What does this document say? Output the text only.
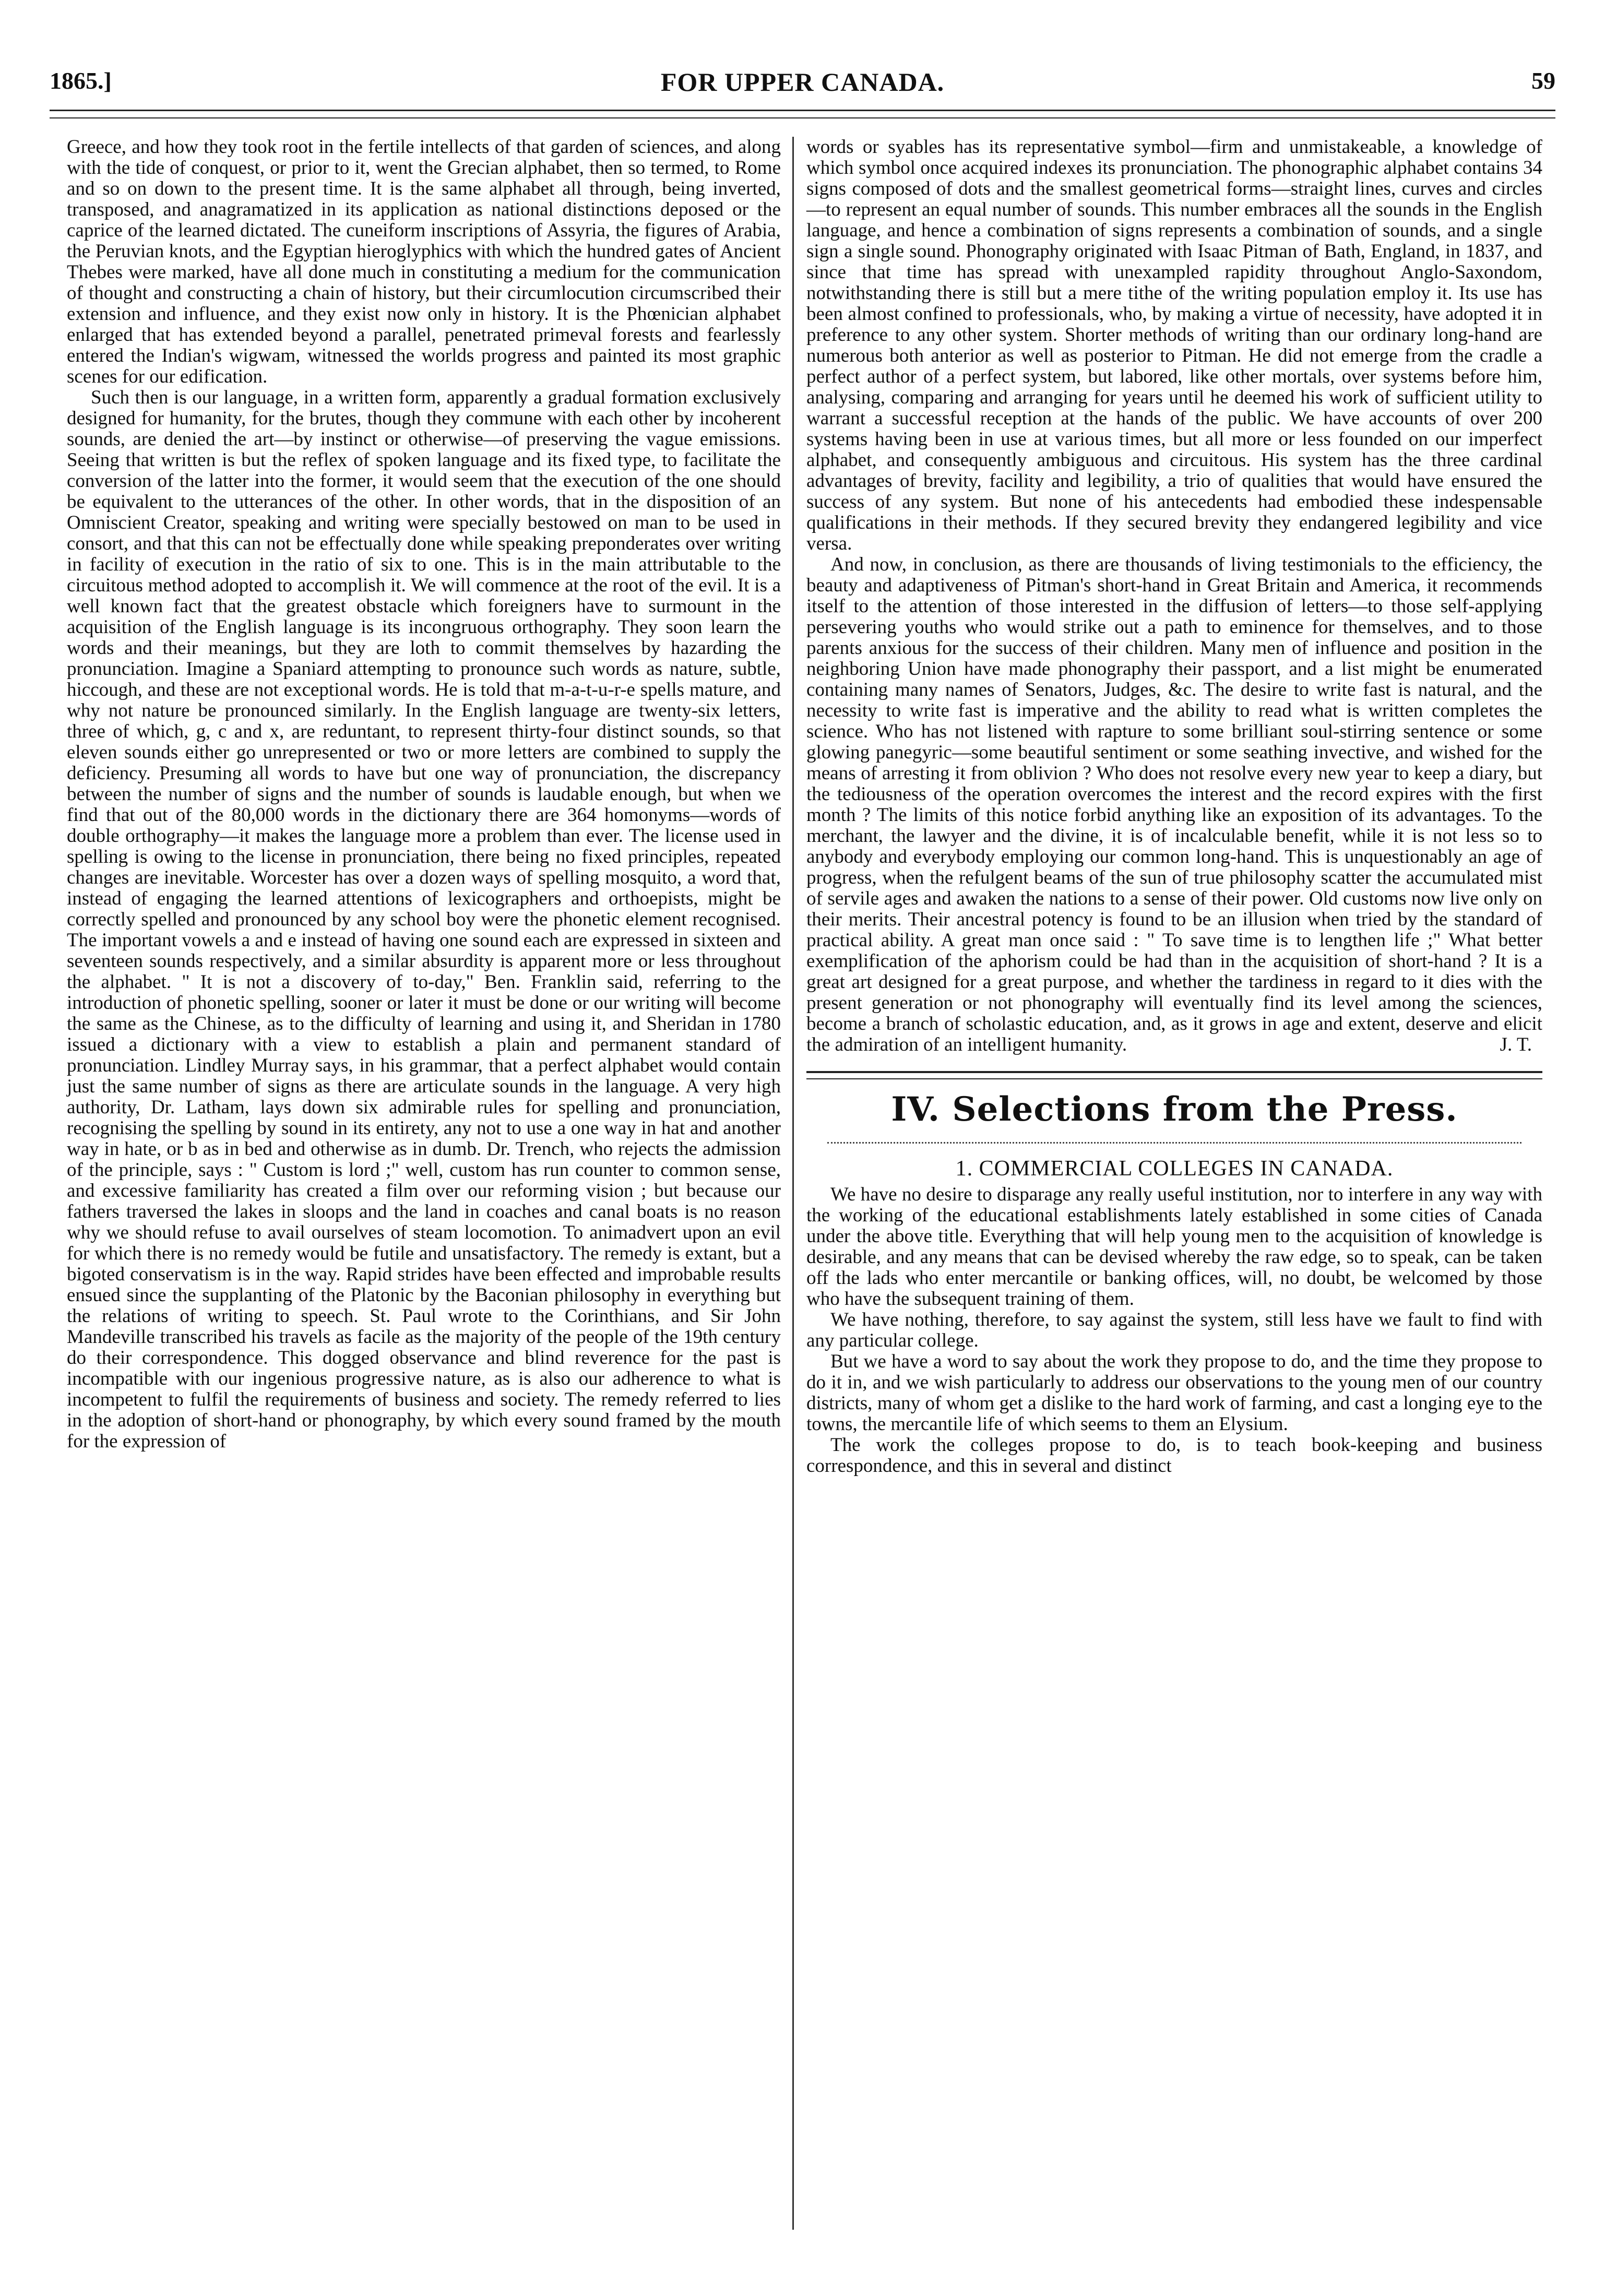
1865.]	FOR UPPER CANADA.	59

Greece, and how they took root in the fertile intellects of that garden of sciences, and along with the tide of conquest, or prior to it, went the Grecian alphabet, then so termed, to Rome and so on down to the present time. It is the same alphabet all through, being inverted, transposed, and anagramatized in its application as national distinctions deposed or the caprice of the learned dictated. The cuneiform inscriptions of Assyria, the figures of Arabia, the Peruvian knots, and the Egyptian hieroglyphics with which the hundred gates of Ancient Thebes were marked, have all done much in constituting a medium for the communication of thought and constructing a chain of history, but their circumlocution circumscribed their extension and influence, and they exist now only in history. It is the Phœnician alphabet enlarged that has extended beyond a parallel, penetrated primeval forests and fearlessly entered the Indian's wigwam, witnessed the worlds progress and painted its most graphic scenes for our edification.

Such then is our language, in a written form, apparently a gradual formation exclusively designed for humanity, for the brutes, though they commune with each other by incoherent sounds, are denied the art—by instinct or otherwise—of preserving the vague emissions. Seeing that written is but the reflex of spoken language and its fixed type, to facilitate the conversion of the latter into the former, it would seem that the execution of the one should be equivalent to the utterances of the other. In other words, that in the disposition of an Omniscient Creator, speaking and writing were specially bestowed on man to be used in consort, and that this can not be effectually done while speaking preponderates over writing in facility of execution in the ratio of six to one. This is in the main attributable to the circuitous method adopted to accomplish it. We will commence at the root of the evil. It is a well known fact that the greatest obstacle which foreigners have to surmount in the acquisition of the English language is its incongruous orthography. They soon learn the words and their meanings, but they are loth to commit themselves by hazarding the pronunciation. Imagine a Spaniard attempting to pronounce such words as nature, subtle, hiccough, and these are not exceptional words. He is told that m-a-t-u-r-e spells mature, and why not nature be pronounced similarly. In the English language are twenty-six letters, three of which, g, c and x, are reduntant, to represent thirty-four distinct sounds, so that eleven sounds either go unrepresented or two or more letters are combined to supply the deficiency. Presuming all words to have but one way of pronunciation, the discrepancy between the number of signs and the number of sounds is laudable enough, but when we find that out of the 80,000 words in the dictionary there are 364 homonyms—words of double orthography—it makes the language more a problem than ever. The license used in spelling is owing to the license in pronunciation, there being no fixed principles, repeated changes are inevitable. Worcester has over a dozen ways of spelling mosquito, a word that, instead of engaging the learned attentions of lexicographers and orthoepists, might be correctly spelled and pronounced by any school boy were the phonetic element recognised. The important vowels a and e instead of having one sound each are expressed in sixteen and seventeen sounds respectively, and a similar absurdity is apparent more or less throughout the alphabet. " It is not a discovery of to-day," Ben. Franklin said, referring to the introduction of phonetic spelling, sooner or later it must be done or our writing will become the same as the Chinese, as to the difficulty of learning and using it, and Sheridan in 1780 issued a dictionary with a view to establish a plain and permanent standard of pronunciation. Lindley Murray says, in his grammar, that a perfect alphabet would contain just the same number of signs as there are articulate sounds in the language. A very high authority, Dr. Latham, lays down six admirable rules for spelling and pronunciation, recognising the spelling by sound in its entirety, any not to use a one way in hat and another way in hate, or b as in bed and otherwise as in dumb. Dr. Trench, who rejects the admission of the principle, says : " Custom is lord ;" well, custom has run counter to common sense, and excessive familiarity has created a film over our reforming vision ; but because our fathers traversed the lakes in sloops and the land in coaches and canal boats is no reason why we should refuse to avail ourselves of steam locomotion. To animadvert upon an evil for which there is no remedy would be futile and unsatisfactory. The remedy is extant, but a bigoted conservatism is in the way. Rapid strides have been effected and improbable results ensued since the supplanting of the Platonic by the Baconian philosophy in everything but the relations of writing to speech. St. Paul wrote to the Corinthians, and Sir John Mandeville transcribed his travels as facile as the majority of the people of the 19th century do their correspondence. This dogged observance and blind reverence for the past is incompatible with our ingenious progressive nature, as is also our adherence to what is incompetent to fulfil the requirements of business and society. The remedy referred to lies in the adoption of short-hand or phonography, by which every sound framed by the mouth for the expression of

words or syables has its representative symbol—firm and unmistakeable, a knowledge of which symbol once acquired indexes its pronunciation. The phonographic alphabet contains 34 signs composed of dots and the smallest geometrical forms—straight lines, curves and circles—to represent an equal number of sounds. This number embraces all the sounds in the English language, and hence a combination of signs represents a combination of sounds, and a single sign a single sound. Phonography originated with Isaac Pitman of Bath, England, in 1837, and since that time has spread with unexampled rapidity throughout Anglo-Saxondom, notwithstanding there is still but a mere tithe of the writing population employ it. Its use has been almost confined to professionals, who, by making a virtue of necessity, have adopted it in preference to any other system. Shorter methods of writing than our ordinary long-hand are numerous both anterior as well as posterior to Pitman. He did not emerge from the cradle a perfect author of a perfect system, but labored, like other mortals, over systems before him, analysing, comparing and arranging for years until he deemed his work of sufficient utility to warrant a successful reception at the hands of the public. We have accounts of over 200 systems having been in use at various times, but all more or less founded on our imperfect alphabet, and consequently ambiguous and circuitous. His system has the three cardinal advantages of brevity, facility and legibility, a trio of qualities that would have ensured the success of any system. But none of his antecedents had embodied these indespensable qualifications in their methods. If they secured brevity they endangered legibility and vice versa.

And now, in conclusion, as there are thousands of living testimonials to the efficiency, the beauty and adaptiveness of Pitman's short-hand in Great Britain and America, it recommends itself to the attention of those interested in the diffusion of letters—to those self-applying persevering youths who would strike out a path to eminence for themselves, and to those parents anxious for the success of their children. Many men of influence and position in the neighboring Union have made phonography their passport, and a list might be enumerated containing many names of Senators, Judges, &c. The desire to write fast is natural, and the necessity to write fast is imperative and the ability to read what is written completes the science. Who has not listened with rapture to some brilliant soul-stirring sentence or some glowing panegyric—some beautiful sentiment or some seathing invective, and wished for the means of arresting it from oblivion ? Who does not resolve every new year to keep a diary, but the tediousness of the operation overcomes the interest and the record expires with the first month ? The limits of this notice forbid anything like an exposition of its advantages. To the merchant, the lawyer and the divine, it is of incalculable benefit, while it is not less so to anybody and everybody employing our common long-hand. This is unquestionably an age of progress, when the refulgent beams of the sun of true philosophy scatter the accumulated mist of servile ages and awaken the nations to a sense of their power. Old customs now live only on their merits. Their ancestral potency is found to be an illusion when tried by the standard of practical ability. A great man once said : " To save time is to lengthen life ;" What better exemplification of the aphorism could be had than in the acquisition of short-hand ? It is a great art designed for a great purpose, and whether the tardiness in regard to it dies with the present generation or not phonography will eventually find its level among the sciences, become a branch of scholastic education, and, as it grows in age and extent, deserve and elicit the admiration of an intelligent humanity.	J. T.

IV. Selections from the Press.
1. COMMERCIAL COLLEGES IN CANADA.

We have no desire to disparage any really useful institution, nor to interfere in any way with the working of the educational establishments lately established in some cities of Canada under the above title. Everything that will help young men to the acquisition of knowledge is desirable, and any means that can be devised whereby the raw edge, so to speak, can be taken off the lads who enter mercantile or banking offices, will, no doubt, be welcomed by those who have the subsequent training of them.

We have nothing, therefore, to say against the system, still less have we fault to find with any particular college.

But we have a word to say about the work they propose to do, and the time they propose to do it in, and we wish particularly to address our observations to the young men of our country districts, many of whom get a dislike to the hard work of farming, and cast a longing eye to the towns, the mercantile life of which seems to them an Elysium.

The work the colleges propose to do, is to teach book-keeping and business correspondence, and this in several and distinct
